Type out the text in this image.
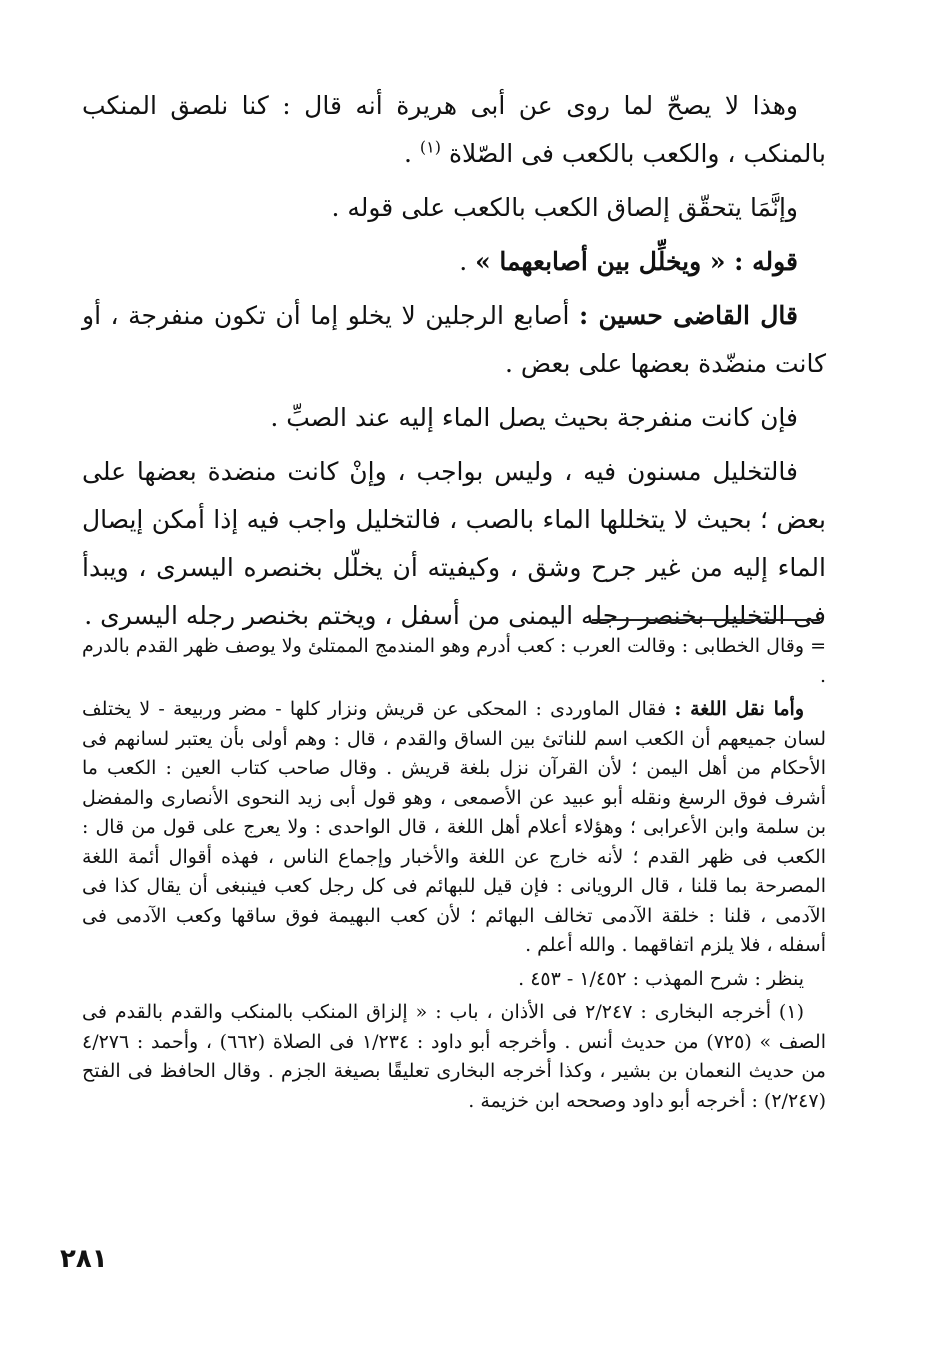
وهذا لا يصحّ لما روى عن أبى هريرة أنه قال : كنا نلصق المنكب بالمنكب ، والكعب بالكعب فى الصّلاة $^{(١)}$ .

وإنَّمَا يتحقّق إلصاق الكعب بالكعب على قوله .

قوله : « ويخلِّل بين أصابعهما » .

قال القاضى حسين : أصابع الرجلين لا يخلو إما أن تكون منفرجة ، أو كانت منضّدة بعضها على بعض .

فإن كانت منفرجة بحيث يصل الماء إليه عند الصبِّ .

فالتخليل مسنون فيه ، وليس بواجب ، وإنْ كانت منضدة بعضها على بعض ؛ بحيث لا يتخللها الماء بالصب ، فالتخليل واجب فيه إذا أمكن إيصال الماء إليه من غير جرح وشق ، وكيفيته أن يخلّل بخنصره اليسرى ، ويبدأ فى التخليل بخنصر رجله اليمنى من أسفل ، ويختم بخنصر رجله اليسرى .

= وقال الخطابى : وقالت العرب : كعب أدرم وهو المندمج الممتلئ ولا يوصف ظهر القدم بالدرم .

وأما نقل اللغة : فقال الماوردى : المحكى عن قريش ونزار كلها - مضر وربيعة - لا يختلف لسان جميعهم أن الكعب اسم للناتئ بين الساق والقدم ، قال : وهم أولى بأن يعتبر لسانهم فى الأحكام من أهل اليمن ؛ لأن القرآن نزل بلغة قريش . وقال صاحب كتاب العين : الكعب ما أشرف فوق الرسغ ونقله أبو عبيد عن الأصمعى ، وهو قول أبى زيد النحوى الأنصارى والمفضل بن سلمة وابن الأعرابى ؛ وهؤلاء أعلام أهل اللغة ، قال الواحدى : ولا يعرج على قول من قال : الكعب فى ظهر القدم ؛ لأنه خارج عن اللغة والأخبار وإجماع الناس ، فهذه أقوال أئمة اللغة المصرحة بما قلنا ، قال الرويانى : فإن قيل للبهائم فى كل رجل كعب فينبغى أن يقال كذا فى الآدمى ، قلنا : خلقة الآدمى تخالف البهائم ؛ لأن كعب البهيمة فوق ساقها وكعب الآدمى فى أسفله ، فلا يلزم اتفاقهما . والله أعلم .

ينظر : شرح المهذب : ١/٤٥٢ - ٤٥٣ .

(١) أخرجه البخارى : ٢/٢٤٧ فى الأذان ، باب : « إلزاق المنكب بالمنكب والقدم بالقدم فى الصف » (٧٢٥) من حديث أنس . وأخرجه أبو داود : ١/٢٣٤ فى الصلاة (٦٦٢) ، وأحمد : ٤/٢٧٦ من حديث النعمان بن بشير ، وكذا أخرجه البخارى تعليقًا بصيغة الجزم . وقال الحافظ فى الفتح (٢/٢٤٧) : أخرجه أبو داود وصححه ابن خزيمة .

٢٨١
